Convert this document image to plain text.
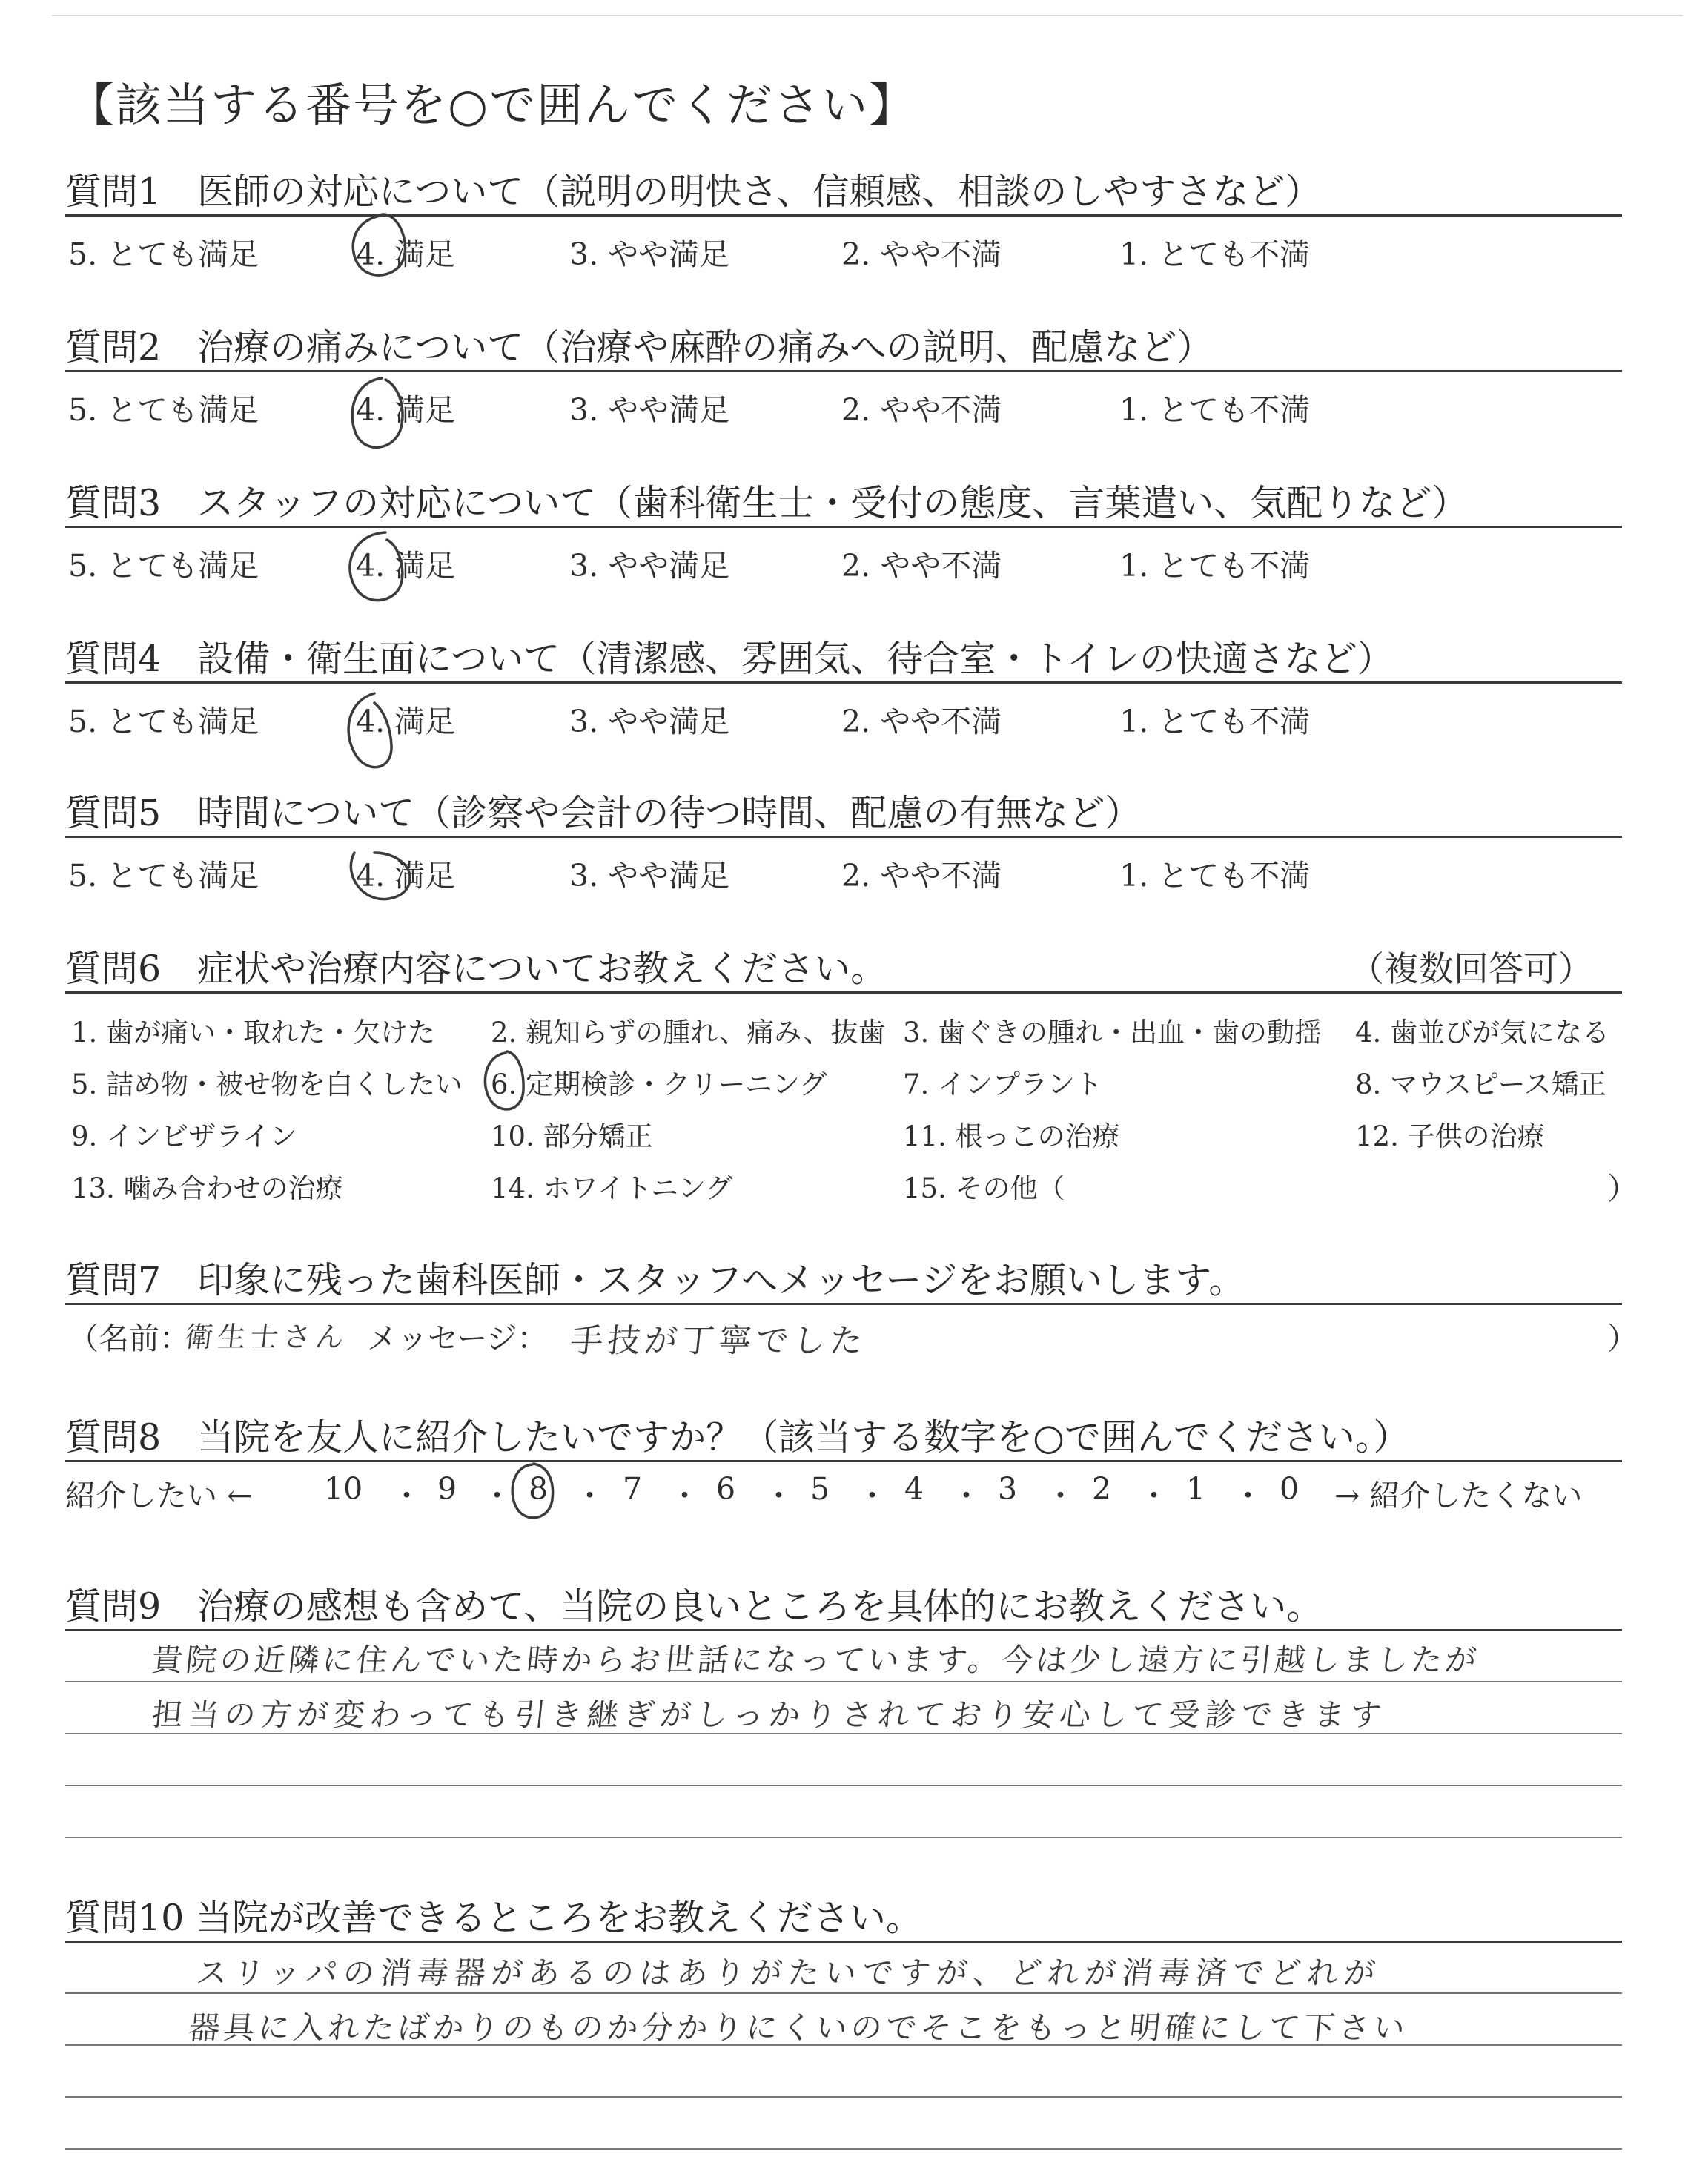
【該当する番号を○で囲んでください】
質問1　医師の対応について（説明の明快さ、信頼感、相談のしやすさなど）
5. とても満足	4. 満足	3. やや満足	2. やや不満	1. とても不満
質問2　治療の痛みについて（治療や麻酔の痛みへの説明、配慮など）
5. とても満足	4. 満足	3. やや満足	2. やや不満	1. とても不満
質問3　スタッフの対応について（歯科衛生士・受付の態度、言葉遣い、気配りなど）
5. とても満足	4. 満足	3. やや満足	2. やや不満	1. とても不満
質問4　設備・衛生面について（清潔感、雰囲気、待合室・トイレの快適さなど）
5. とても満足	4. 満足	3. やや満足	2. やや不満	1. とても不満
質問5　時間について（診察や会計の待つ時間、配慮の有無など）
5. とても満足	4. 満足	3. やや満足	2. やや不満	1. とても不満
質問6　症状や治療内容についてお教えください。	（複数回答可）
1. 歯が痛い・取れた・欠けた 2. 親知らずの腫れ、痛み、抜歯 3. 歯ぐきの腫れ・出血・歯の動揺 4. 歯並びが気になる
5. 詰め物・被せ物を白くしたい 6. 定期検診・クリーニング	7. インプラント	8. マウスピース矯正
9. インビザライン	10. 部分矯正	11. 根っこの治療	12. 子供の治療
13. 噛み合わせの治療	14. ホワイトニング	15. その他（	）
質問7　印象に残った歯科医師・スタッフへメッセージをお願いします。
（名前：
衛生士さん メッセージ： 手技が丁寧でした	）
質問8　当院を友人に紹介したいですか？（該当する数字を○で囲んでください。）
紹介したい ← 10 ・ 9 ・ 8 ・ 7 ・ 6 ・ 5 ・ 4 ・ 3 ・ 2 ・ 1 ・ 0 → 紹介したくない
質問9　治療の感想も含めて、当院の良いところを具体的にお教えください。
貴院の近隣に住んでいた時からお世話になっています。今は少し遠方に引越しましたが
担当の方が変わっても引き継ぎがしっかりされており安心して受診できます
質問10 当院が改善できるところをお教えください。
スリッパの消毒器があるのはありがたいですが、どれが消毒済でどれが
器具に入れたばかりのものか分かりにくいのでそこをもっと明確にして下さい
